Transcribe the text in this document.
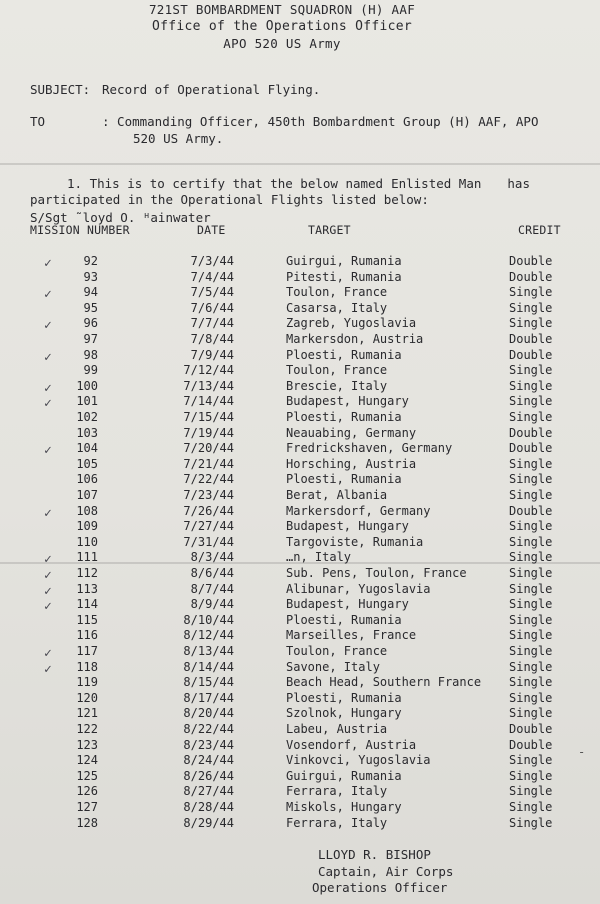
721ST BOMBARDMENT SQUADRON (H) AAF
Office of the Operations Officer
APO 520 US Army
SUBJECT: Record of Operational Flying.
TO	: Commanding Officer, 450th Bombardment Group (H) AAF, APO
520 US Army.
1. This is to certify that the below named Enlisted Man has
participated in the Operational Flights listed below:
S/Sgt ˜loyd O. ᴴainwater
MISSION NUMBER	DATE	TARGET	CREDIT
✓	92	7/3/44	Guirgui, Rumania	Double
93	7/4/44	Pitesti, Rumania	Double
✓	94	7/5/44	Toulon, France	Single
95	7/6/44	Casarsa, Italy	Single
✓	96	7/7/44	Zagreb, Yugoslavia	Single
97	7/8/44	Markersdon, Austria	Double
✓	98	7/9/44	Ploesti, Rumania	Double
99	7/12/44	Toulon, France	Single
✓	100	7/13/44	Brescie, Italy	Single
✓	101	7/14/44	Budapest, Hungary	Single
102	7/15/44	Ploesti, Rumania	Single
103	7/19/44	Neauabing, Germany	Double
✓	104	7/20/44	Fredrickshaven, Germany	Double
105	7/21/44	Horsching, Austria	Single
106	7/22/44	Ploesti, Rumania	Single
107	7/23/44	Berat, Albania	Single
✓	108	7/26/44	Markersdorf, Germany	Double
109	7/27/44	Budapest, Hungary	Single
110	7/31/44	Targoviste, Rumania	Single
✓	111	8/3/44	…n, Italy	Single
✓	112	8/6/44	Sub. Pens, Toulon, France	Single
✓	113	8/7/44	Alibunar, Yugoslavia	Single
✓	114	8/9/44	Budapest, Hungary	Single
115	8/10/44	Ploesti, Rumania	Single
116	8/12/44	Marseilles, France	Single
✓	117	8/13/44	Toulon, France	Single
✓	118	8/14/44	Savone, Italy	Single
119	8/15/44	Beach Head, Southern France Single
120	8/17/44	Ploesti, Rumania	Single
121	8/20/44	Szolnok, Hungary	Single
122	8/22/44	Labeu, Austria	Double
123	8/23/44	Vosendorf, Austria	Double
124	8/24/44	Vinkovci, Yugoslavia	Single
125	8/26/44	Guirgui, Rumania	Single
126	8/27/44	Ferrara, Italy	Single
127	8/28/44	Miskols, Hungary	Single
128	8/29/44	Ferrara, Italy	Single
-
LLOYD R. BISHOP
Captain, Air Corps
Operations Officer
